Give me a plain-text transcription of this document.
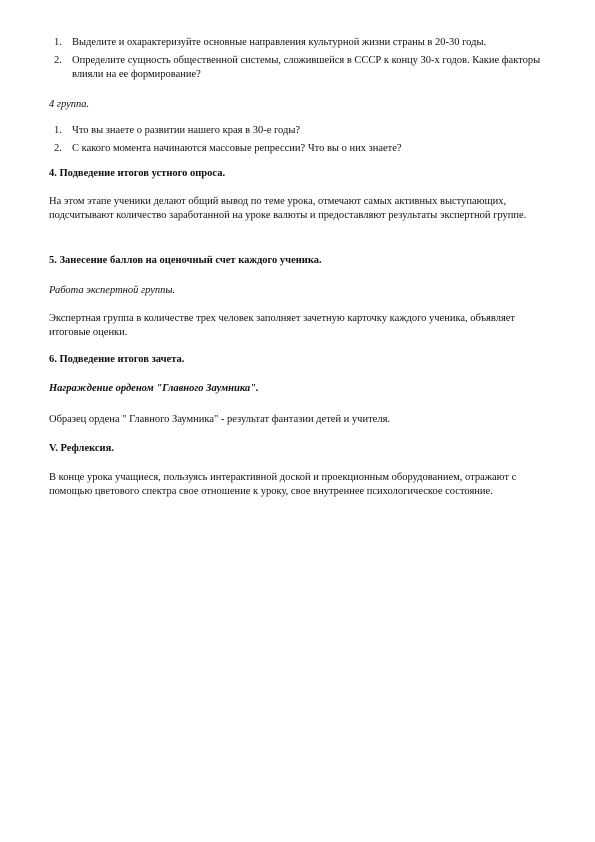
1. Выделите и охарактеризуйте основные направления культурной жизни страны в 20-30 годы.
2. Определите сущность общественной системы, сложившейся в СССР к концу 30-х годов. Какие факторы влияли на ее формирование?

4 группа.

1. Что вы знаете о развитии нашего края в 30-е годы?
2. С какого момента начинаются массовые репрессии? Что вы о них знаете?

4. Подведение итогов устного опроса.

На этом этапе ученики делают общий вывод по теме урока, отмечают самых активных выступающих, подсчитывают количество заработанной на уроке валюты и предоставляют результаты экспертной группе.

5. Занесение баллов на оценочный счет каждого ученика.

Работа экспертной группы.

Экспертная группа в количестве трех человек заполняет зачетную карточку каждого ученика, объявляет итоговые оценки.

6. Подведение итогов зачета.

Награждение орденом "Главного Заумника".

Образец ордена " Главного Заумника" - результат фантазии детей и учителя.

V. Рефлексия.

В конце урока учащиеся, пользуясь интерактивной доской и проекционным оборудованием, отражают с помощью цветового спектра свое отношение к уроку, свое внутреннее психологическое состояние.
